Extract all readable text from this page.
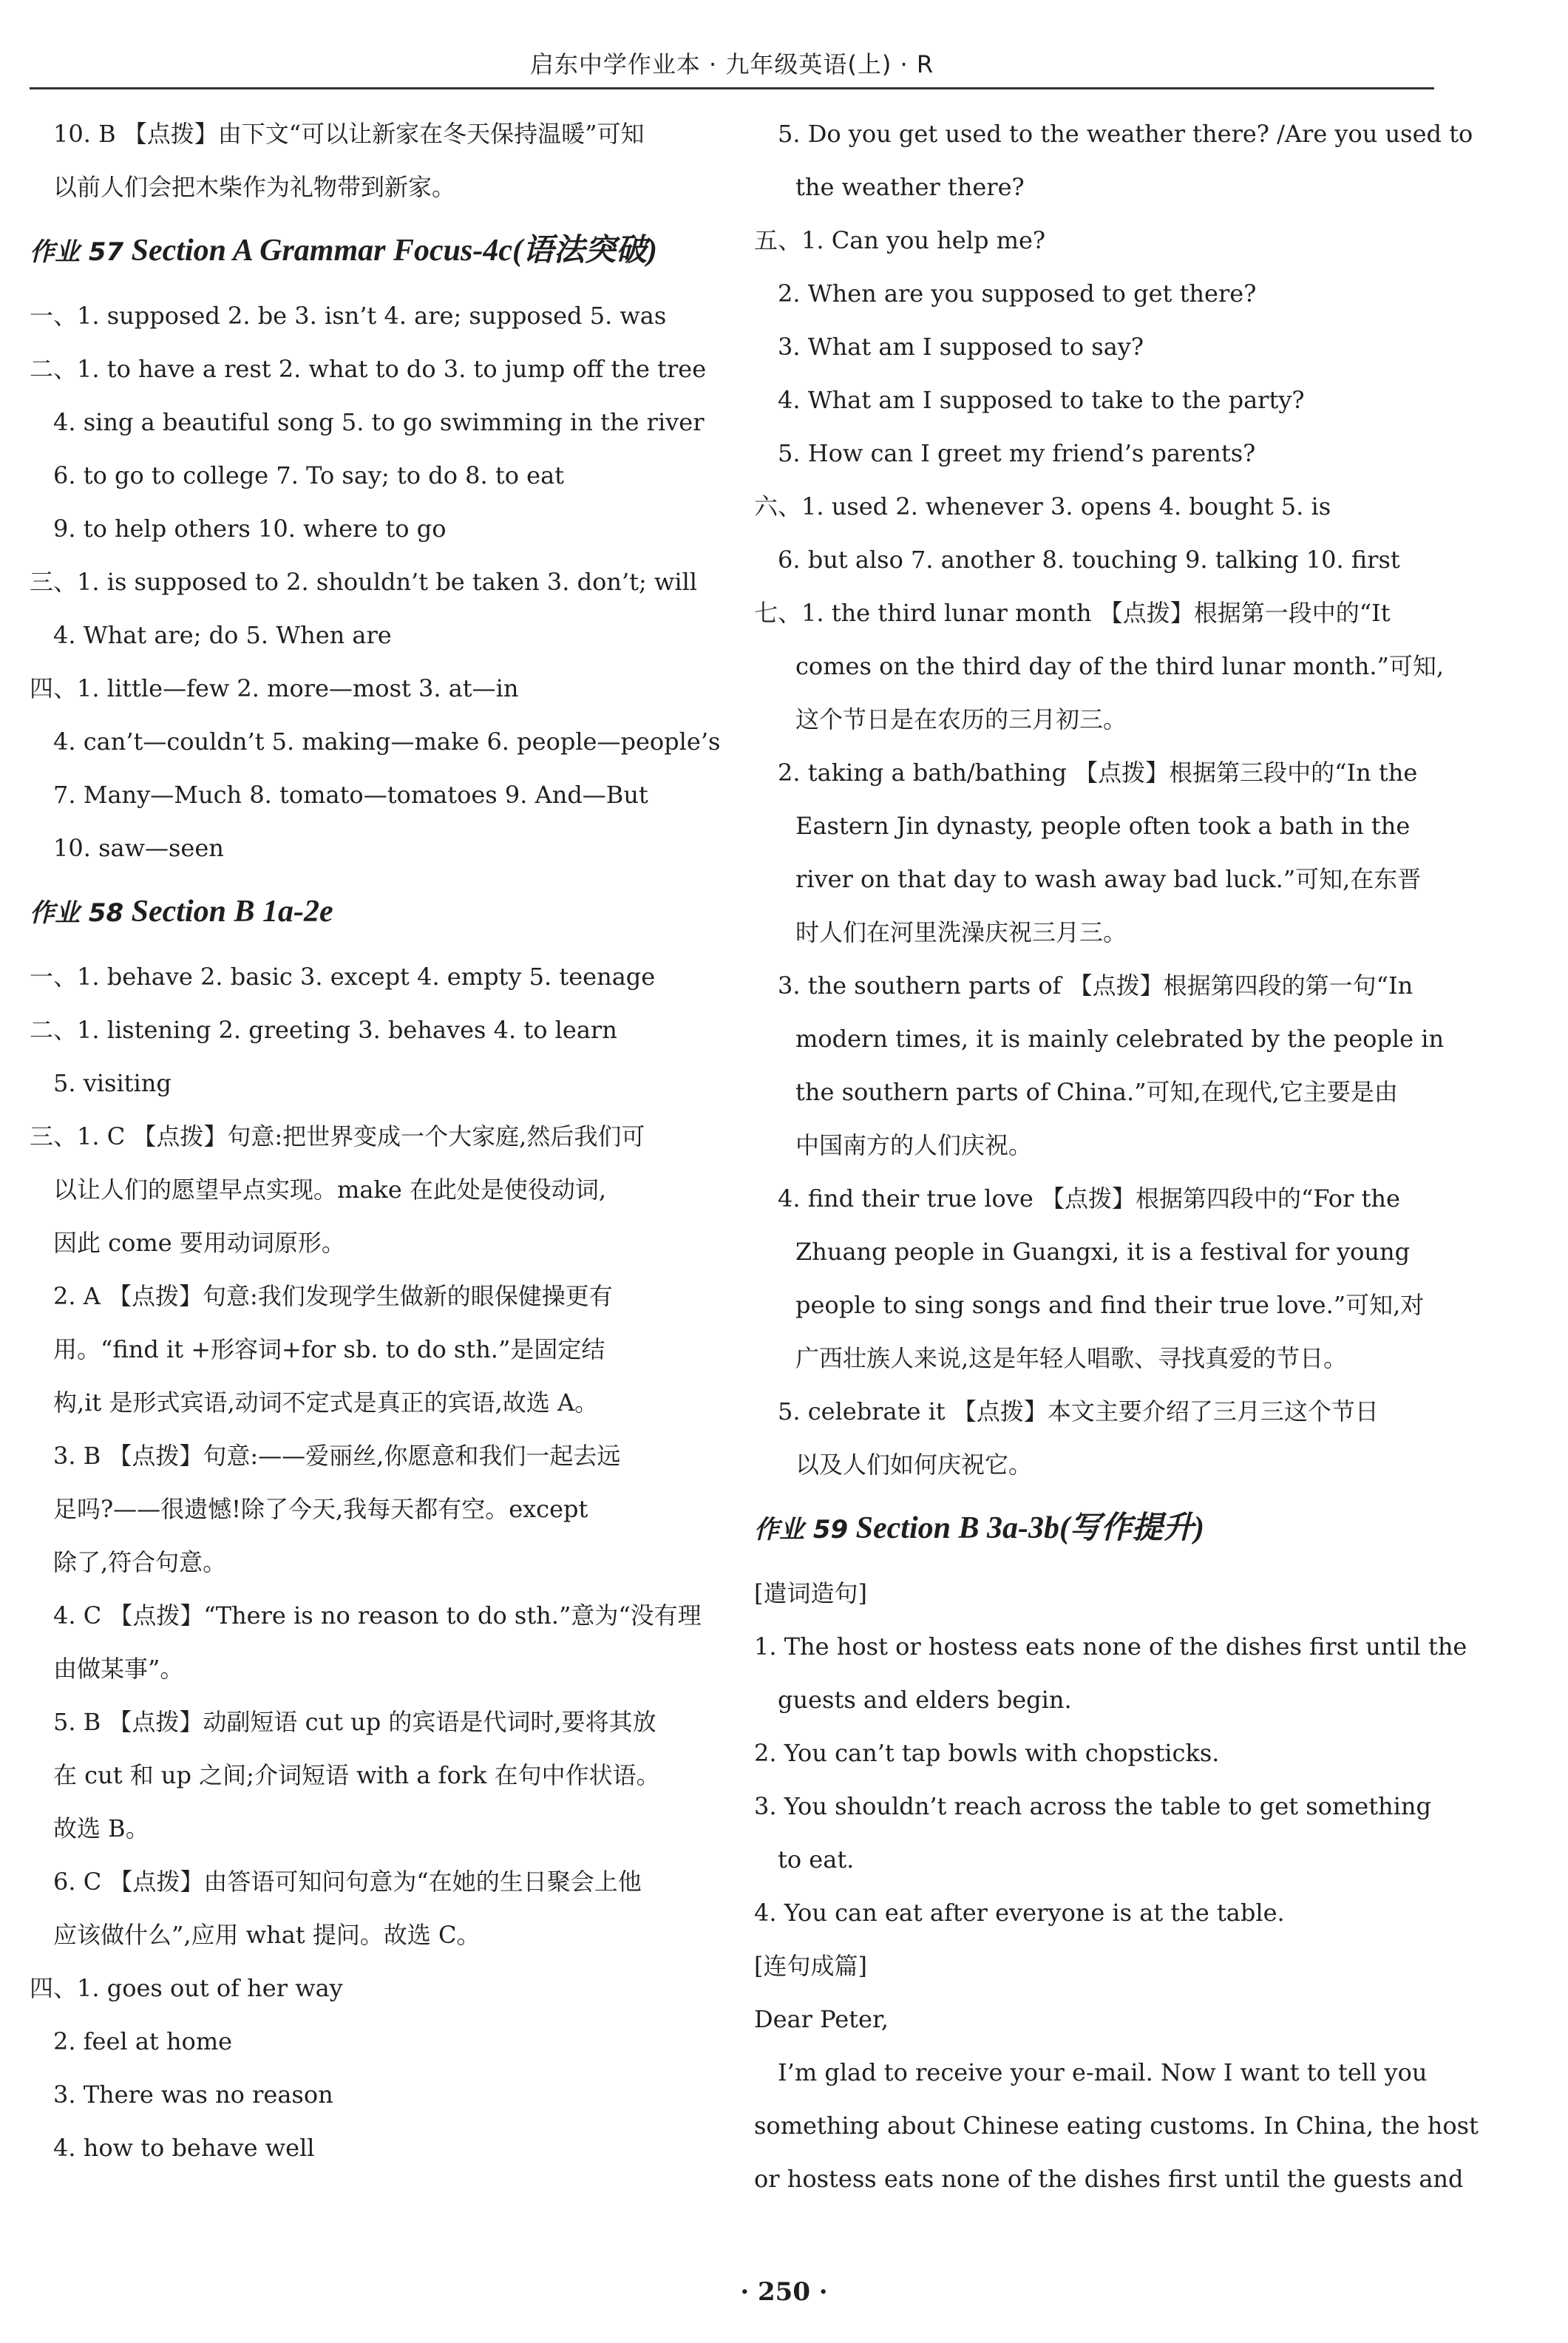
启东中学作业本 · 九年级英语(上) · R
10. B 【点拨】由下文“可以让新家在冬天保持温暖”可知
以前人们会把木柴作为礼物带到新家。
作业 57 Section A Grammar Focus-4c(语法突破)
一、1. supposed 2. be 3. isn’t 4. are; supposed 5. was
二、1. to have a rest 2. what to do 3. to jump off the tree
4. sing a beautiful song 5. to go swimming in the river
6. to go to college 7. To say; to do 8. to eat
9. to help others 10. where to go
三、1. is supposed to 2. shouldn’t be taken 3. don’t; will
4. What are; do 5. When are
四、1. little—few 2. more—most 3. at—in
4. can’t—couldn’t 5. making—make 6. people—people’s
7. Many—Much 8. tomato—tomatoes 9. And—But
10. saw—seen
作业 58 Section B 1a-2e
一、1. behave 2. basic 3. except 4. empty 5. teenage
二、1. listening 2. greeting 3. behaves 4. to learn
5. visiting
三、1. C 【点拨】句意:把世界变成一个大家庭,然后我们可
以让人们的愿望早点实现。make 在此处是使役动词,
因此 come 要用动词原形。
2. A 【点拨】句意:我们发现学生做新的眼保健操更有
用。“find it +形容词+for sb. to do sth.”是固定结
构,it 是形式宾语,动词不定式是真正的宾语,故选 A。
3. B 【点拨】句意:——爱丽丝,你愿意和我们一起去远
足吗?——很遗憾!除了今天,我每天都有空。except
除了,符合句意。
4. C 【点拨】“There is no reason to do sth.”意为“没有理
由做某事”。
5. B 【点拨】动副短语 cut up 的宾语是代词时,要将其放
在 cut 和 up 之间;介词短语 with a fork 在句中作状语。
故选 B。
6. C 【点拨】由答语可知问句意为“在她的生日聚会上他
应该做什么”,应用 what 提问。故选 C。
四、1. goes out of her way
2. feel at home
3. There was no reason
4. how to behave well
5. Do you get used to the weather there? /Are you used to
the weather there?
五、1. Can you help me?
2. When are you supposed to get there?
3. What am I supposed to say?
4. What am I supposed to take to the party?
5. How can I greet my friend’s parents?
六、1. used 2. whenever 3. opens 4. bought 5. is
6. but also 7. another 8. touching 9. talking 10. first
七、1. the third lunar month 【点拨】根据第一段中的“It
comes on the third day of the third lunar month.”可知,
这个节日是在农历的三月初三。
2. taking a bath/bathing 【点拨】根据第三段中的“In the
Eastern Jin dynasty, people often took a bath in the
river on that day to wash away bad luck.”可知,在东晋
时人们在河里洗澡庆祝三月三。
3. the southern parts of 【点拨】根据第四段的第一句“In
modern times, it is mainly celebrated by the people in
the southern parts of China.”可知,在现代,它主要是由
中国南方的人们庆祝。
4. find their true love 【点拨】根据第四段中的“For the
Zhuang people in Guangxi, it is a festival for young
people to sing songs and find their true love.”可知,对
广西壮族人来说,这是年轻人唱歌、寻找真爱的节日。
5. celebrate it 【点拨】本文主要介绍了三月三这个节日
以及人们如何庆祝它。
作业 59 Section B 3a-3b(写作提升)
[遣词造句]
1. The host or hostess eats none of the dishes first until the
guests and elders begin.
2. You can’t tap bowls with chopsticks.
3. You shouldn’t reach across the table to get something
to eat.
4. You can eat after everyone is at the table.
[连句成篇]
Dear Peter,
I’m glad to receive your e-mail. Now I want to tell you
something about Chinese eating customs. In China, the host
or hostess eats none of the dishes first until the guests and
· 250 ·
